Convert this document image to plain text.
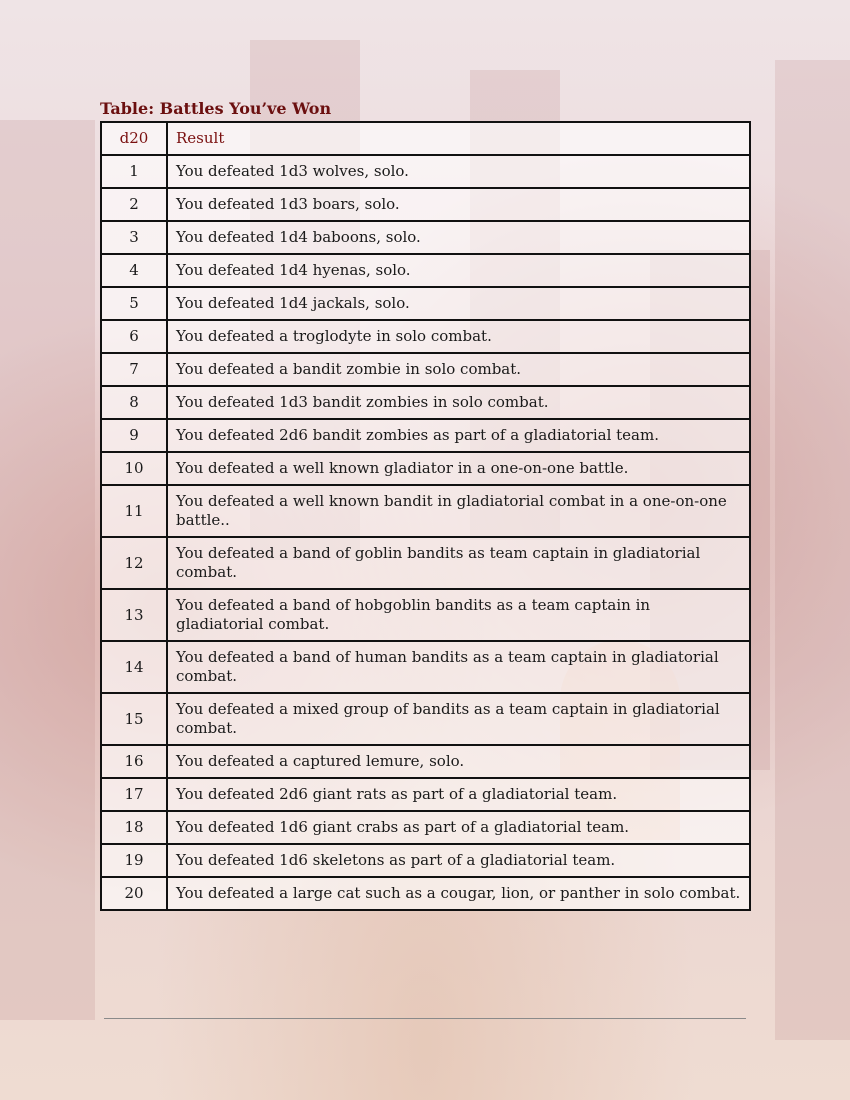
Table: Battles You’ve Won
d20	Result
1	You defeated 1d3 wolves, solo.
2	You defeated 1d3 boars, solo.
3	You defeated 1d4 baboons, solo.
4	You defeated 1d4 hyenas, solo.
5	You defeated 1d4 jackals, solo.
6	You defeated a troglodyte in solo combat.
7	You defeated a bandit zombie in solo combat.
8	You defeated 1d3 bandit zombies in solo combat.
9	You defeated 2d6 bandit zombies as part of a gladiatorial team.
10	You defeated a well known gladiator in a one-on-one battle.
11	You defeated a well known bandit in gladiatorial combat in a one-on-one battle..
12	You defeated a band of goblin bandits as team captain in gladiatorial combat.
13	You defeated a band of hobgoblin bandits as a team captain in gladiatorial combat.
14	You defeated a band of human bandits as a team captain in gladiatorial combat.
15	You defeated a mixed group of bandits as a team captain in gladiatorial combat.
16	You defeated a captured lemure, solo.
17	You defeated 2d6 giant rats as part of a gladiatorial team.
18	You defeated 1d6 giant crabs as part of a gladiatorial team.
19	You defeated 1d6 skeletons as part of a gladiatorial team.
20	You defeated a large cat such as a cougar, lion, or panther in solo combat.
